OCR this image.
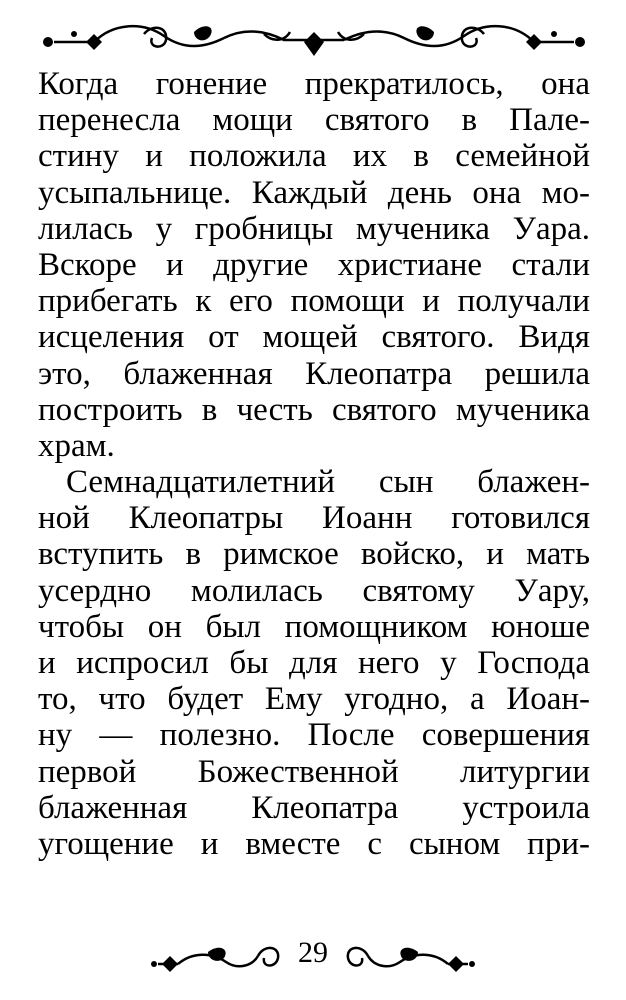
Когда гонение прекратилось, она
перенесла мощи святого в Пале-
стину и положила их в семейной
усыпальнице. Каждый день она мо-
лилась у гробницы мученика Уара.
Вскоре и другие христиане стали
прибегать к его помощи и получали
исцеления от мощей святого. Видя
это, блаженная Клеопатра решила
построить в честь святого мученика
храм.
Семнадцатилетний сын блажен-
ной Клеопатры Иоанн готовился
вступить в римское войско, и мать
усердно молилась святому Уару,
чтобы он был помощником юноше
и испросил бы для него у Господа
то, что будет Ему угодно, а Иоан-
ну — полезно. После совершения
первой Божественной литургии
блаженная Клеопатра устроила
угощение и вместе с сыном при-
29
